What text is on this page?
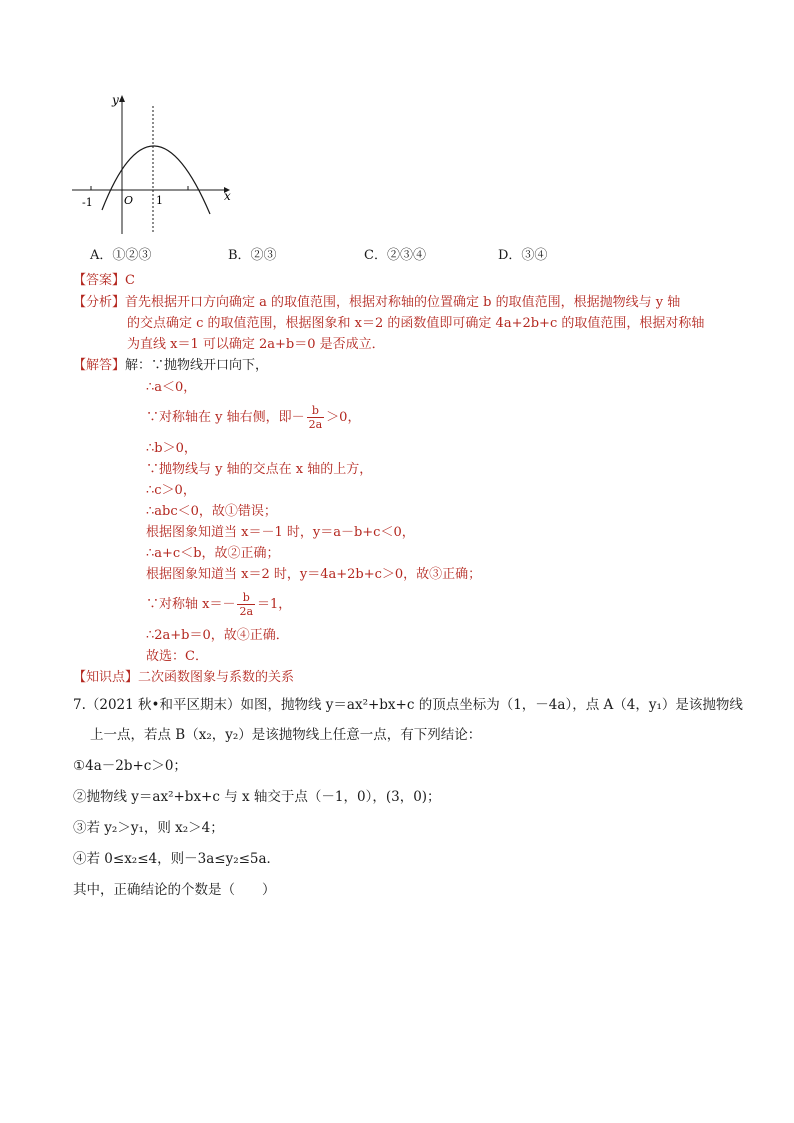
y
x
O
-1	1
A．①②③	B．②③	C．②③④	D．③④
【答案】C
【分析】首先根据开口方向确定 a 的取值范围，根据对称轴的位置确定 b 的取值范围，根据抛物线与 y 轴
的交点确定 c 的取值范围，根据图象和 x＝2 的函数值即可确定 4a+2b+c 的取值范围，根据对称轴
为直线 x＝1 可以确定 2a+b＝0 是否成立．
【解答】解：∵抛物线开口向下，
∴a＜0，
∵对称轴在 y 轴右侧，即－ $\frac{b}{2a} >0$，
∴b＞0，
∵抛物线与 y 轴的交点在 x 轴的上方，
∴c＞0，
∴abc＜0，故①错误；
根据图象知道当 x＝－1 时，y＝a－b+c＜0，
∴a+c＜b，故②正确；
根据图象知道当 x＝2 时，y＝4a+2b+c＞0，故③正确；
∵对称轴 $x=- \frac{b}{2a} =1$，
∴2a+b＝0，故④正确．
故选：C．
【知识点】二次函数图象与系数的关系
7.（2021 秋•和平区期末）如图，抛物线 y＝ax²+bx+c 的顶点坐标为（1，－4a），点 A（4，y₁）是该抛物线
上一点，若点 B（x₂，y₂）是该抛物线上任意一点，有下列结论：
①4a－2b+c＞0；
②抛物线 y＝ax²+bx+c 与 x 轴交于点（－1，0），(3，0)；
③若 y₂＞y₁，则 x₂＞4；
④若 0≤x₂≤4，则－3a≤y₂≤5a．
其中，正确结论的个数是（　　）
